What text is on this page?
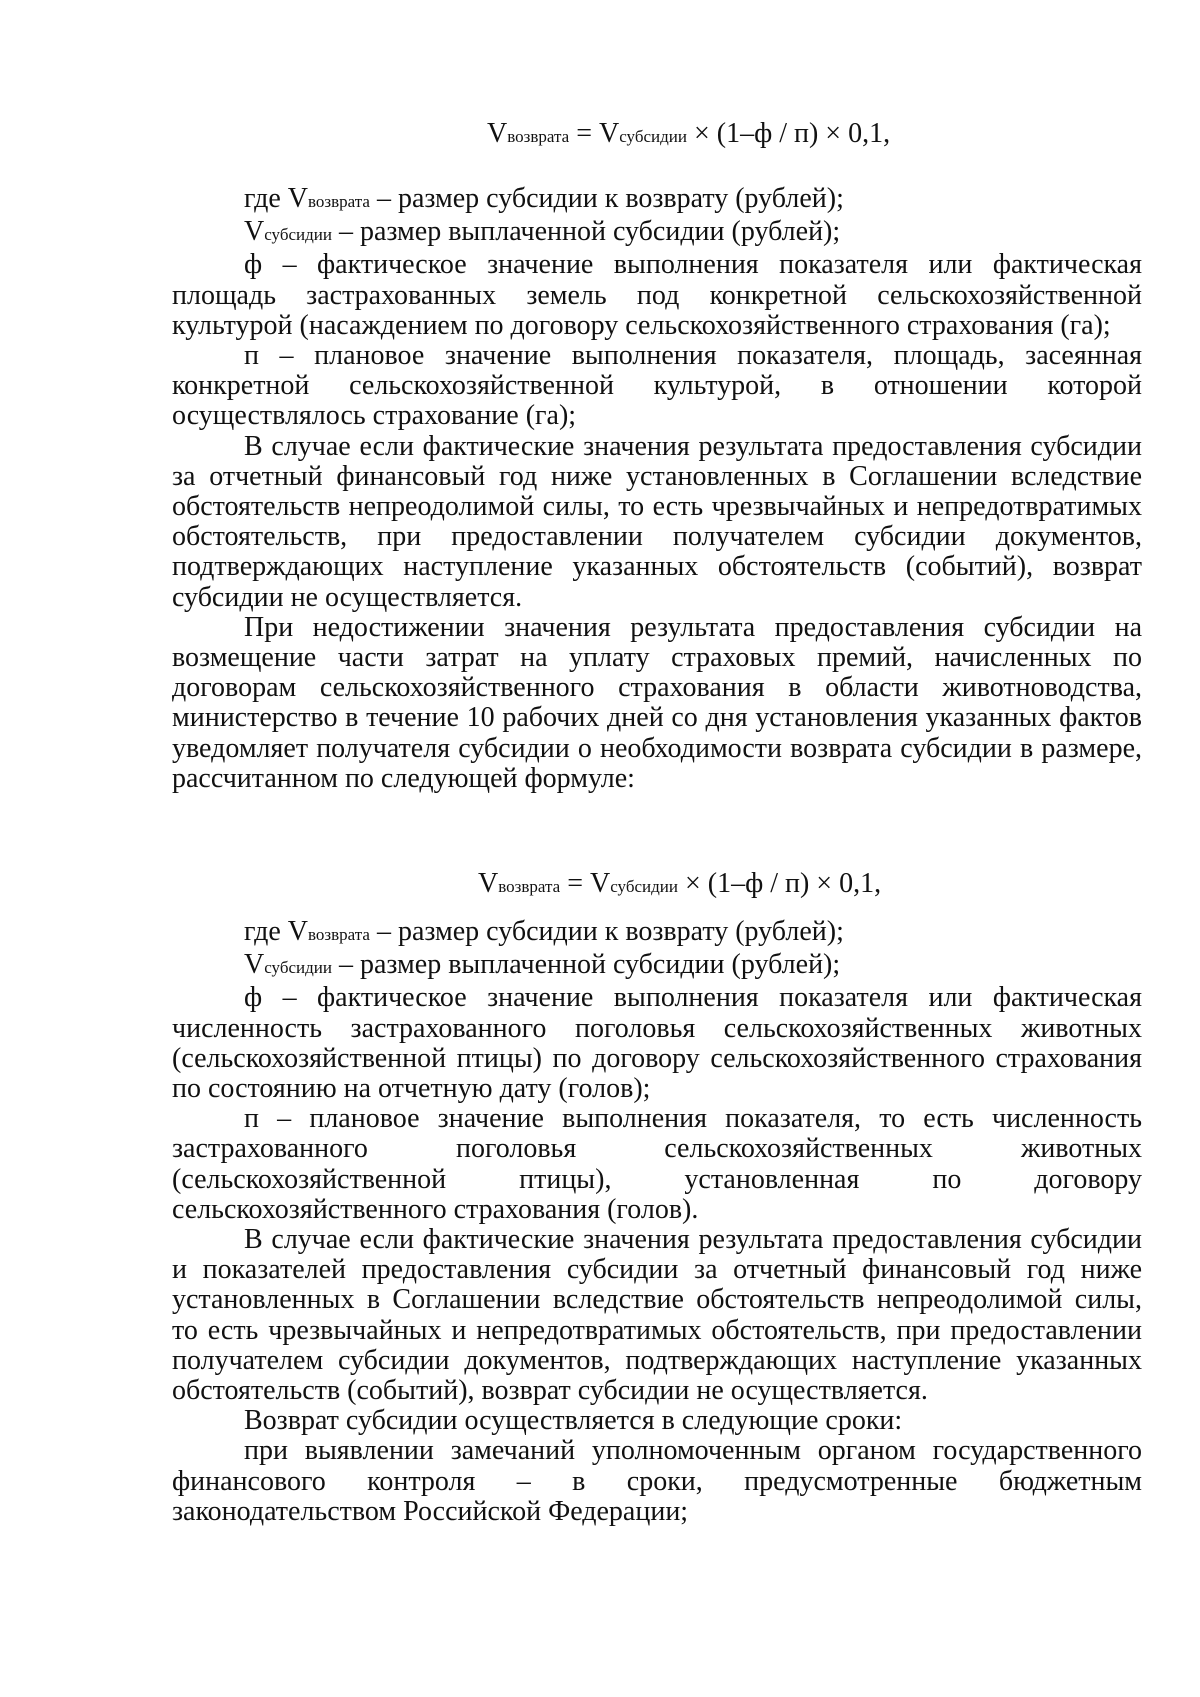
Vвозврата = Vсубсидии × (1–ф / п) × 0,1,

где Vвозврата – размер субсидии к возврату (рублей);

Vсубсидии – размер выплаченной субсидии (рублей);

ф – фактическое значение выполнения показателя или фактическая площадь застрахованных земель под конкретной сельскохозяйственной культурой (насаждением по договору сельскохозяйственного страхования (га);

п – плановое значение выполнения показателя, площадь, засеянная конкретной сельскохозяйственной культурой, в отношении которой осуществлялось страхование (га);

В случае если фактические значения результата предоставления субсидии за отчетный финансовый год ниже установленных в Соглашении вследствие обстоятельств непреодолимой силы, то есть чрезвычайных и непредотвратимых обстоятельств, при предоставлении получателем субсидии документов, подтверждающих наступление указанных обстоятельств (событий), возврат субсидии не осуществляется.

При недостижении значения результата предоставления субсидии на возмещение части затрат на уплату страховых премий, начисленных по договорам сельскохозяйственного страхования в области животноводства, министерство в течение 10 рабочих дней со дня установления указанных фактов уведомляет получателя субсидии о необходимости возврата субсидии в размере, рассчитанном по следующей формуле:

Vвозврата = Vсубсидии × (1–ф / п) × 0,1,

где Vвозврата – размер субсидии к возврату (рублей);

Vсубсидии – размер выплаченной субсидии (рублей);

ф – фактическое значение выполнения показателя или фактическая численность застрахованного поголовья сельскохозяйственных животных (сельскохозяйственной птицы) по договору сельскохозяйственного страхования по состоянию на отчетную дату (голов);

п – плановое значение выполнения показателя, то есть численность застрахованного поголовья сельскохозяйственных животных (сельскохозяйственной птицы), установленная по договору сельскохозяйственного страхования (голов).

В случае если фактические значения результата предоставления субсидии и показателей предоставления субсидии за отчетный финансовый год ниже установленных в Соглашении вследствие обстоятельств непреодолимой силы, то есть чрезвычайных и непредотвратимых обстоятельств, при предоставлении получателем субсидии документов, подтверждающих наступление указанных обстоятельств (событий), возврат субсидии не осуществляется.

Возврат субсидии осуществляется в следующие сроки:

при выявлении замечаний уполномоченным органом государственного финансового контроля – в сроки, предусмотренные бюджетным законодательством Российской Федерации;
